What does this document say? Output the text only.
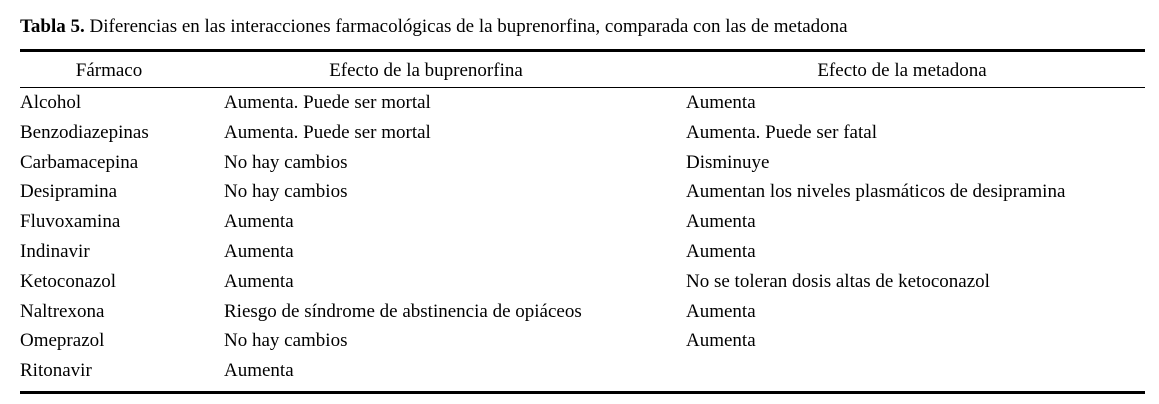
Tabla 5. Diferencias en las interacciones farmacológicas de la buprenorfina, comparada con las de metadona
Fármaco	Efecto de la buprenorfina	Efecto de la metadona
Alcohol	Aumenta. Puede ser mortal	Aumenta
Benzodiazepinas	Aumenta. Puede ser mortal	Aumenta. Puede ser fatal
Carbamacepina	No hay cambios	Disminuye
Desipramina	No hay cambios	Aumentan los niveles plasmáticos de desipramina
Fluvoxamina	Aumenta	Aumenta
Indinavir	Aumenta	Aumenta
Ketoconazol	Aumenta	No se toleran dosis altas de ketoconazol
Naltrexona	Riesgo de síndrome de abstinencia de opiáceos	Aumenta
Omeprazol	No hay cambios	Aumenta
Ritonavir	Aumenta
